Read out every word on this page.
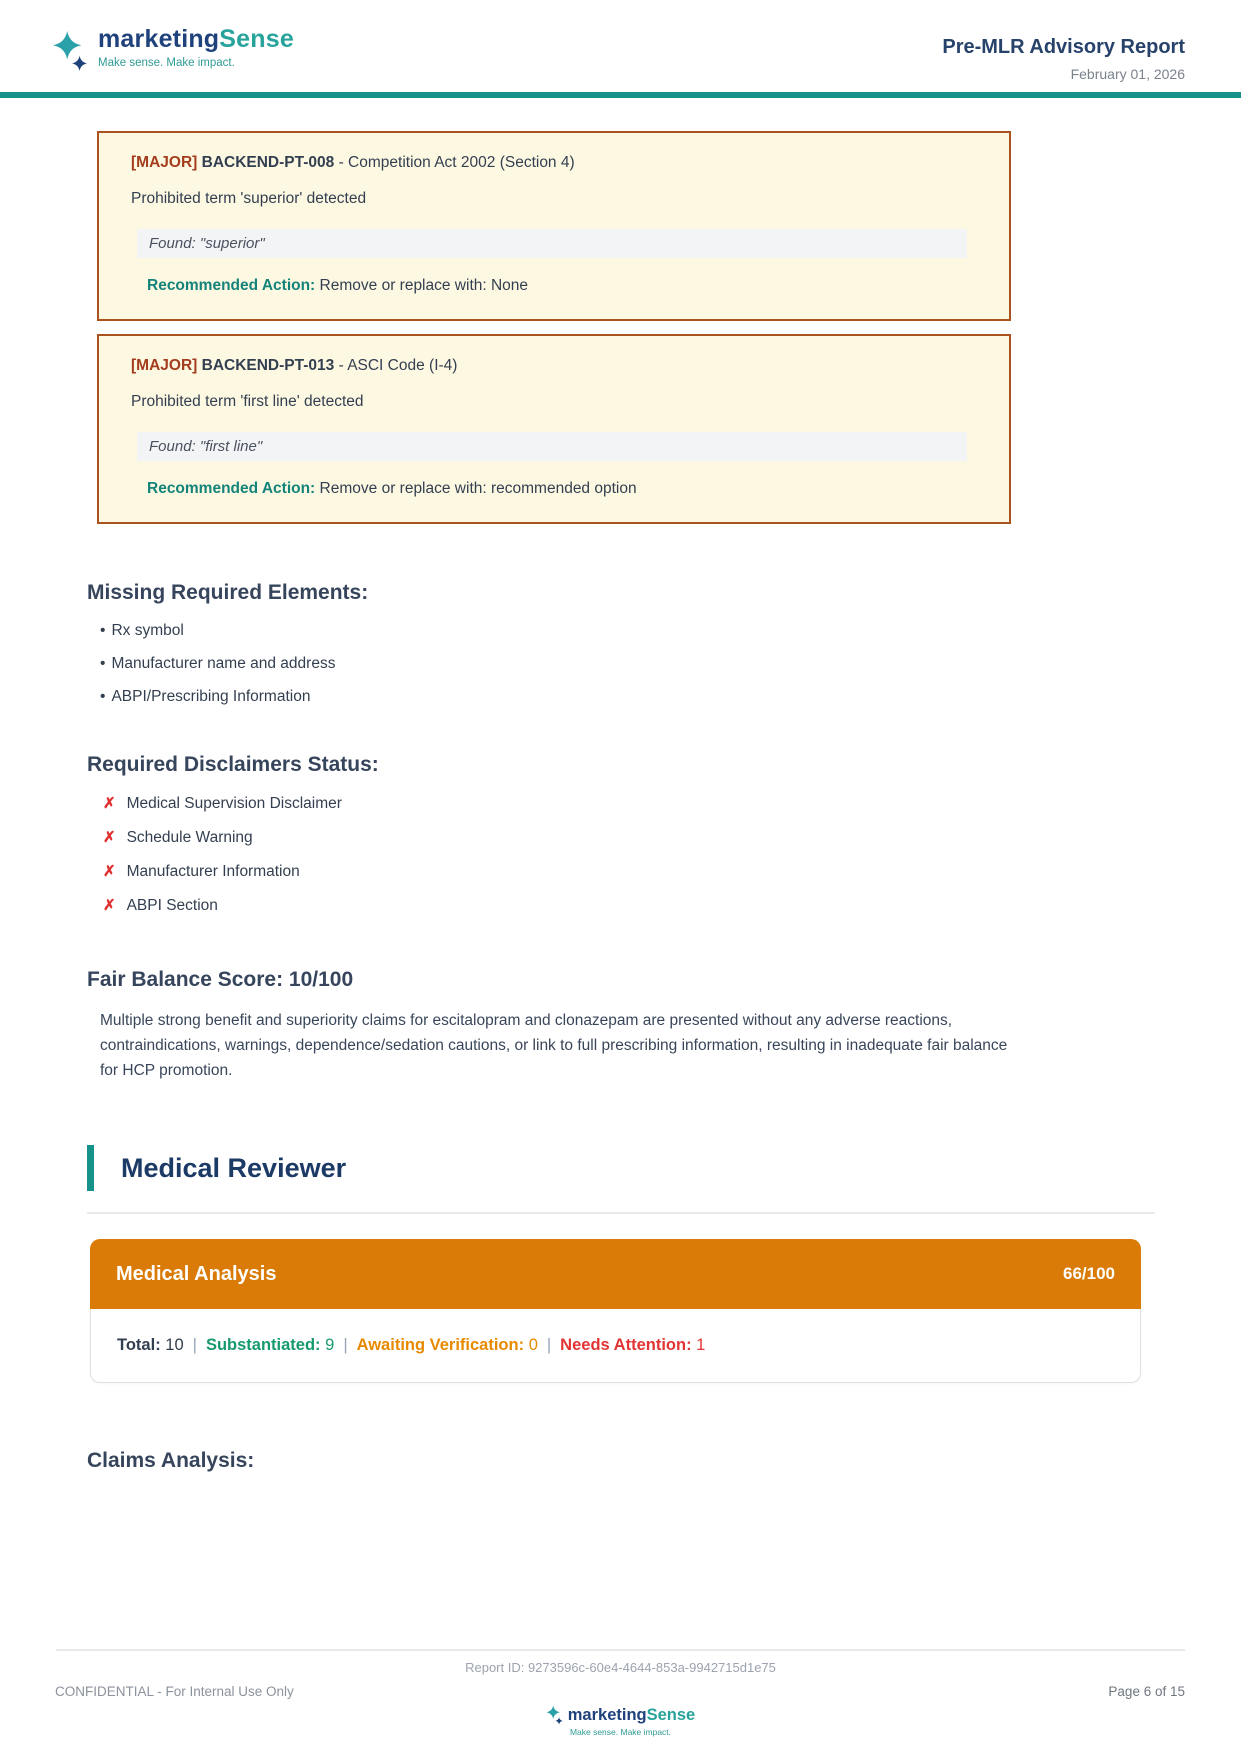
marketingSense
Make sense. Make impact.
Pre-MLR Advisory Report
February 01, 2026
[MAJOR] BACKEND-PT-008 - Competition Act 2002 (Section 4)
Prohibited term 'superior' detected
Found: "superior"
Recommended Action: Remove or replace with: None
[MAJOR] BACKEND-PT-013 - ASCI Code (I-4)
Prohibited term 'first line' detected
Found: "first line"
Recommended Action: Remove or replace with: recommended option
Missing Required Elements:
• Rx symbol
• Manufacturer name and address
• ABPI/Prescribing Information
Required Disclaimers Status:
✗ Medical Supervision Disclaimer
✗ Schedule Warning
✗ Manufacturer Information
✗ ABPI Section
Fair Balance Score: 10/100

Multiple strong benefit and superiority claims for escitalopram and clonazepam are presented without any adverse reactions, contraindications, warnings, dependence/sedation cautions, or link to full prescribing information, resulting in inadequate fair balance for HCP promotion.

Medical Reviewer
Medical Analysis	66/100
Total: 10 | Substantiated: 9 | Awaiting Verification: 0 | Needs Attention: 1
Claims Analysis:
Report ID: 9273596c-60e4-4644-853a-9942715d1e75
CONFIDENTIAL - For Internal Use Only	Page 6 of 15
marketingSense
Make sense. Make impact.
